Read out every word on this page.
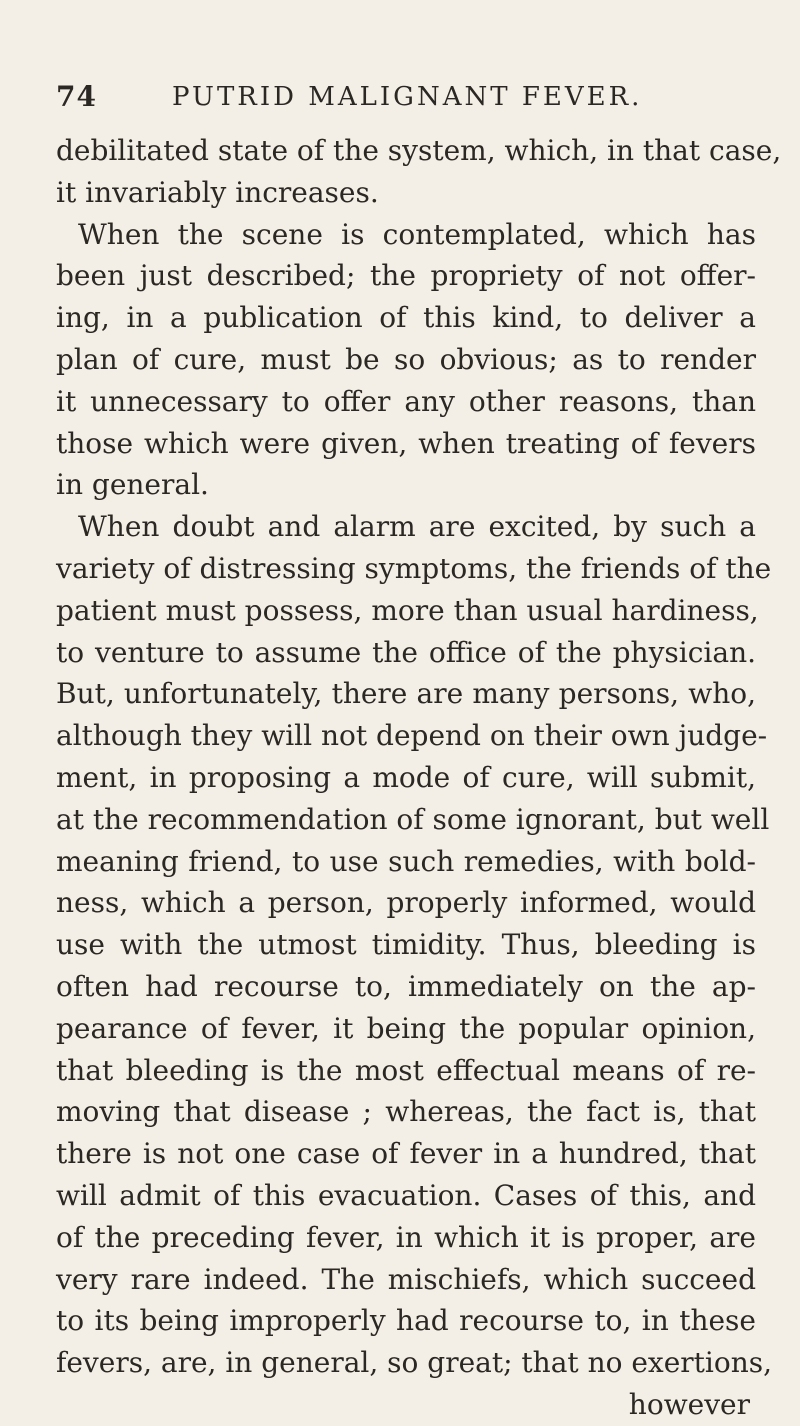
74	PUTRID MALIGNANT FEVER.
debilitated state of the system, which, in that case,
it invariably increases.
When the scene is contemplated, which has
been just described; the propriety of not offer-
ing, in a publication of this kind, to deliver a
plan of cure, must be so obvious; as to render
it unnecessary to offer any other reasons, than
those which were given, when treating of fevers
in general.
When doubt and alarm are excited, by such a
variety of distressing symptoms, the friends of the
patient must possess, more than usual hardiness,
to venture to assume the office of the physician.
But, unfortunately, there are many persons, who,
although they will not depend on their own judge-
ment, in proposing a mode of cure, will submit,
at the recommendation of some ignorant, but well
meaning friend, to use such remedies, with bold-
ness, which a person, properly informed, would
use with the utmost timidity. Thus, bleeding is
often had recourse to, immediately on the ap-
pearance of fever, it being the popular opinion,
that bleeding is the most effectual means of re-
moving that disease ; whereas, the fact is, that
there is not one case of fever in a hundred, that
will admit of this evacuation. Cases of this, and
of the preceding fever, in which it is proper, are
very rare indeed. The mischiefs, which succeed
to its being improperly had recourse to, in these
fevers, are, in general, so great; that no exertions,
however
